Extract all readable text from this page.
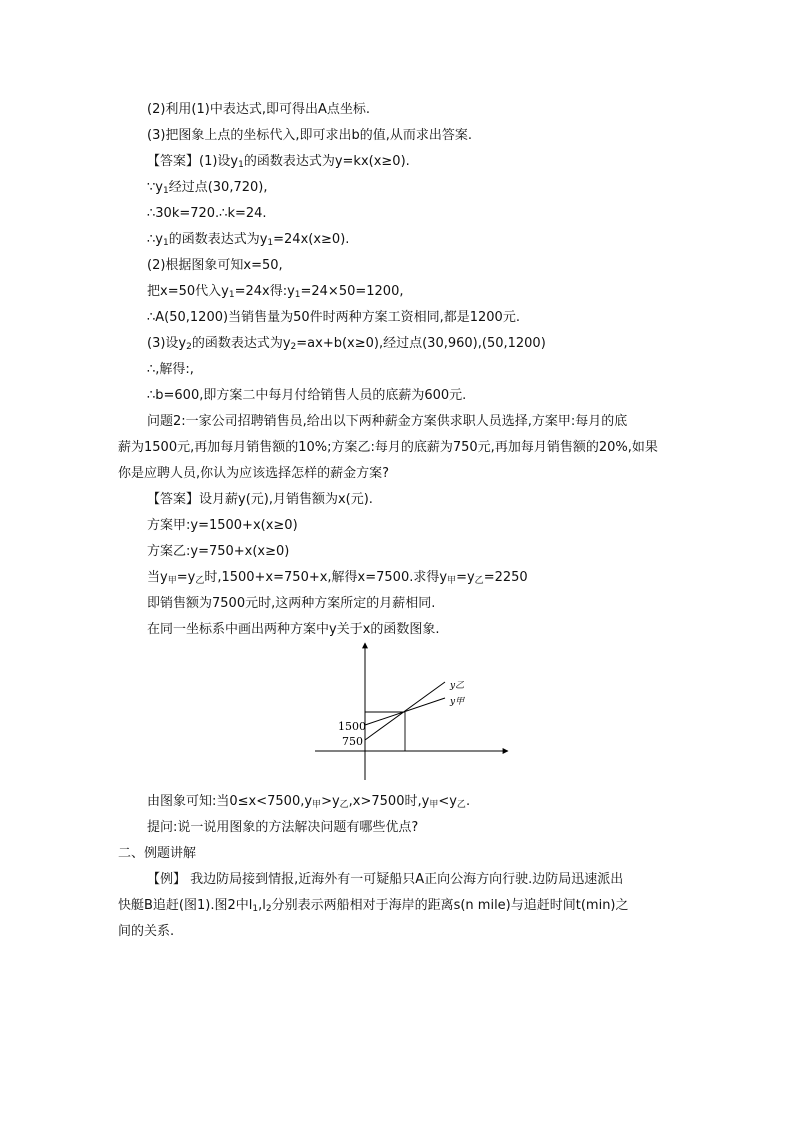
(2)利用(1)中表达式,即可得出A点坐标.
(3)把图象上点的坐标代入,即可求出b的值,从而求出答案.
【答案】(1)设$y_1$的函数表达式为y=kx(x≥0).
$\because y_1$经过点(30,720),
∴30k=720.∴k=24.
$\therefore y_1$的函数表达式为$y_1=24x(x\ge 0)$.
(2)根据图象可知x=50,
把x=50代入$y_1=24x$得$:y_1=24\times 50=1200$,
∴A(50,1200)当销售量为50件时两种方案工资相同,都是1200元.
(3)设$y_2$的函数表达式为$y_2=ax+b(x\ge 0)$,经过点(30,960),(50,1200)
∴,解得:,
∴b=600,即方案二中每月付给销售人员的底薪为600元.
问题2:一家公司招聘销售员,给出以下两种薪金方案供求职人员选择,方案甲:每月的底
薪为1500元,再加每月销售额的10%;方案乙:每月的底薪为750元,再加每月销售额的20%,如果
你是应聘人员,你认为应该选择怎样的薪金方案?
【答案】设月薪y(元),月销售额为x(元).
方案甲:y=1500+x(x≥0)
方案乙:y=750+x(x≥0)
当$y_甲=y_乙$时,1500+x=750+x,解得x=7500.求得$y_甲=y_乙=2250$
即销售额为7500元时,这两种方案所定的月薪相同.
在同一坐标系中画出两种方案中y关于x的函数图象.
1500
750
y乙
y甲
由图象可知:当$0\le x<7500,y_甲>y_乙,x>7500$时$,y_甲<y_乙$.
提问:说一说用图象的方法解决问题有哪些优点?
二、例题讲解
【例】 我边防局接到情报,近海外有一可疑船只A正向公海方向行驶.边防局迅速派出
快艇B追赶(图1).图2中$l_1,l_2$分别表示两船相对于海岸的距离s(n mile)与追赶时间t(min)之
间的关系.
